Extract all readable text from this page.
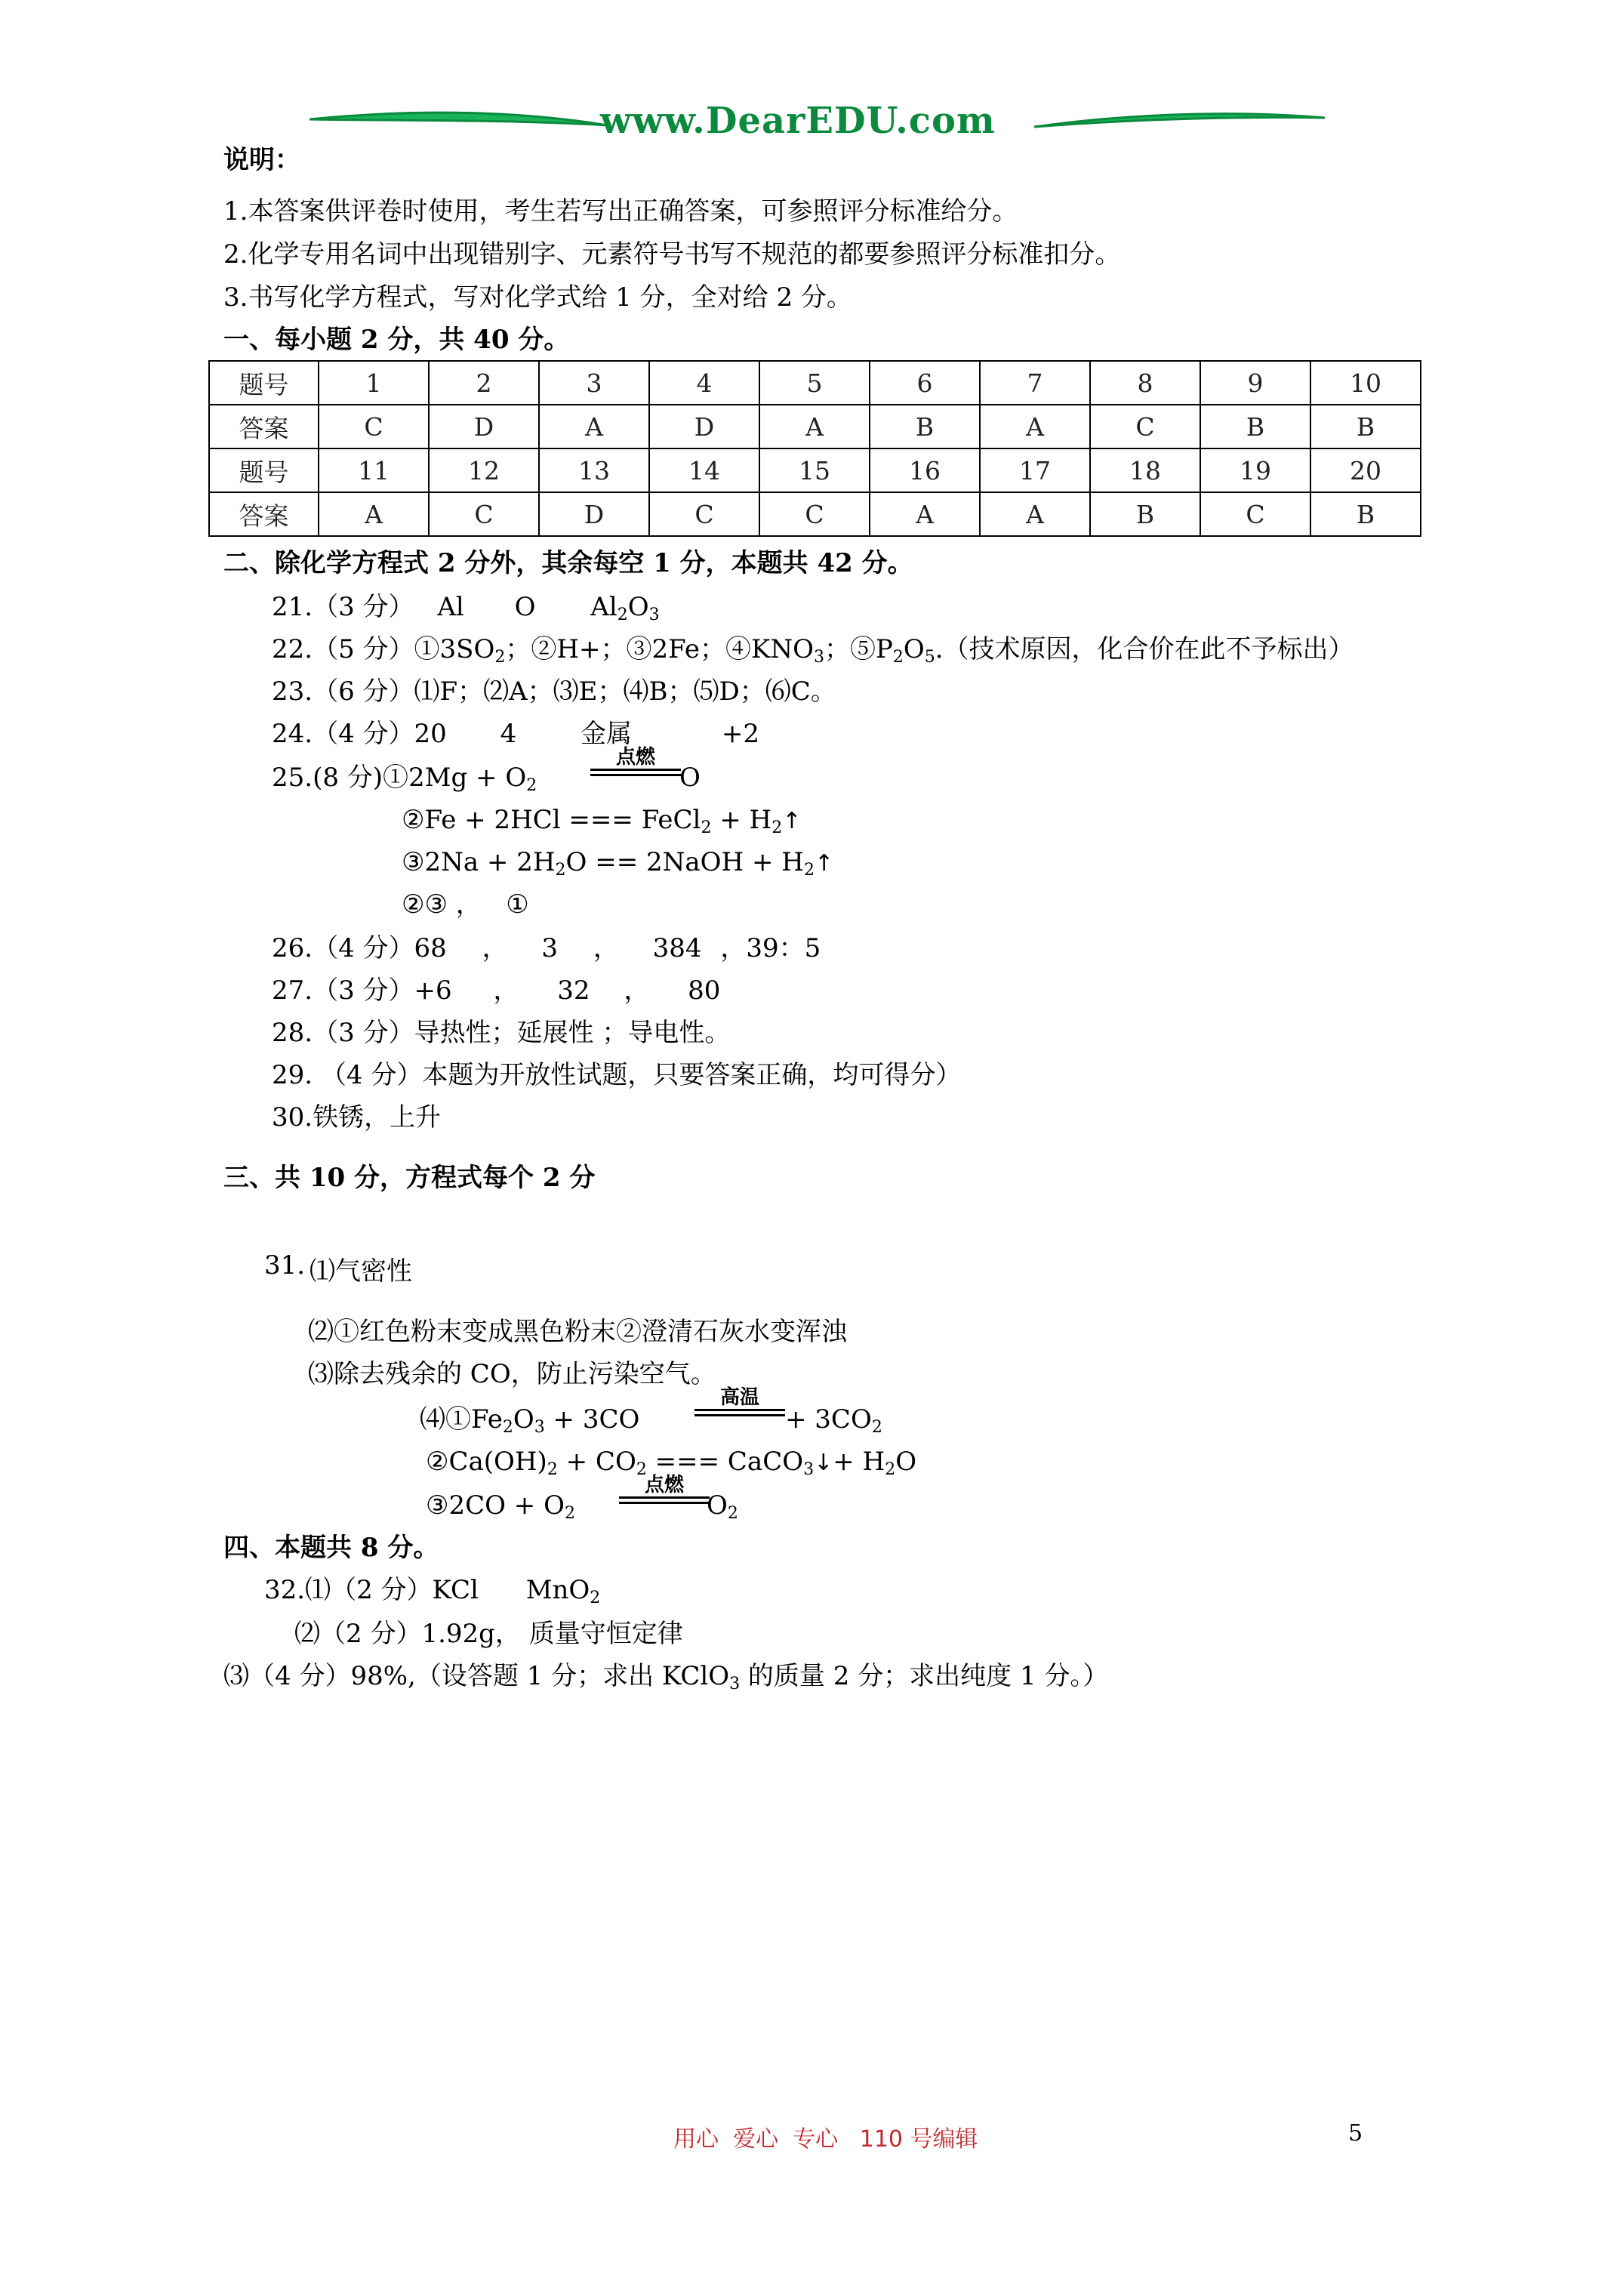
www.DearEDU.com
说明：
1.本答案供评卷时使用，考生若写出正确答案，可参照评分标准给分。
2.化学专用名词中出现错别字、元素符号书写不规范的都要参照评分标准扣分。
3.书写化学方程式，写对化学式给 1 分，全对给 2 分。
一、每小题 2 分，共 40 分。
题号	1	2	3	4	5	6	7	8	9	10
答案	C	D	A	D	A	B	A	C	B	B
题号	11	12	13	14	15	16	17	18	19	20
答案	A	C	D	C	C	A	A	B	C	B
二、除化学方程式 2 分外，其余每空 1 分，本题共 42 分。
21.（3 分） Al O $Al_2O_3$
22.（5 分）$①3SO_2$；②H+；③2Fe；$④KNO_3$；$⑤P_2O_5$.（技术原因，化合价在此不予标出）
23.（6 分）⑴F；⑵A；⑶E；⑷B；⑸D；⑹C。
24.（4 分）20 4 金属	+2
25.(8 分)①2Mg + $O_2$
点燃
O
②Fe + 2HCl === FeCl$_2$ + $H_2↑$
③2Na + $2H_2O$ == 2NaOH + $H_2↑$
②③ ，   ①
26.（4 分）68 ， 3 ， 384 ，39：5
27.（3 分）+6 ， 32 ， 80
28.（3 分）导热性；延展性 ；导电性。
29. （4 分）本题为开放性试题，只要答案正确，均可得分）
30.铁锈，上升
三、共 10 分，方程式每个 2 分
31. ⑴气密性
⑵①红色粉末变成黑色粉末②澄清石灰水变浑浊
⑶除去残余的 CO，防止污染空气。
$⑷①Fe_2O_3 + 3CO$
高温
+ $3CO_2$
$②Ca(OH)_2 + CO_2$ === CaCO$_3$↓+ $H_2O$
③2CO + $O_2$
点燃
$O_2$
四、本题共 8 分。
32.⑴（2 分）KCl MnO$_2$
⑵（2 分）1.92g， 质量守恒定律
⑶（4 分）98%,（设答题 1 分；求出 KClO$_3$ 的质量 2 分；求出纯度 1 分。）
用心  爱心  专心   110 号编辑	5
